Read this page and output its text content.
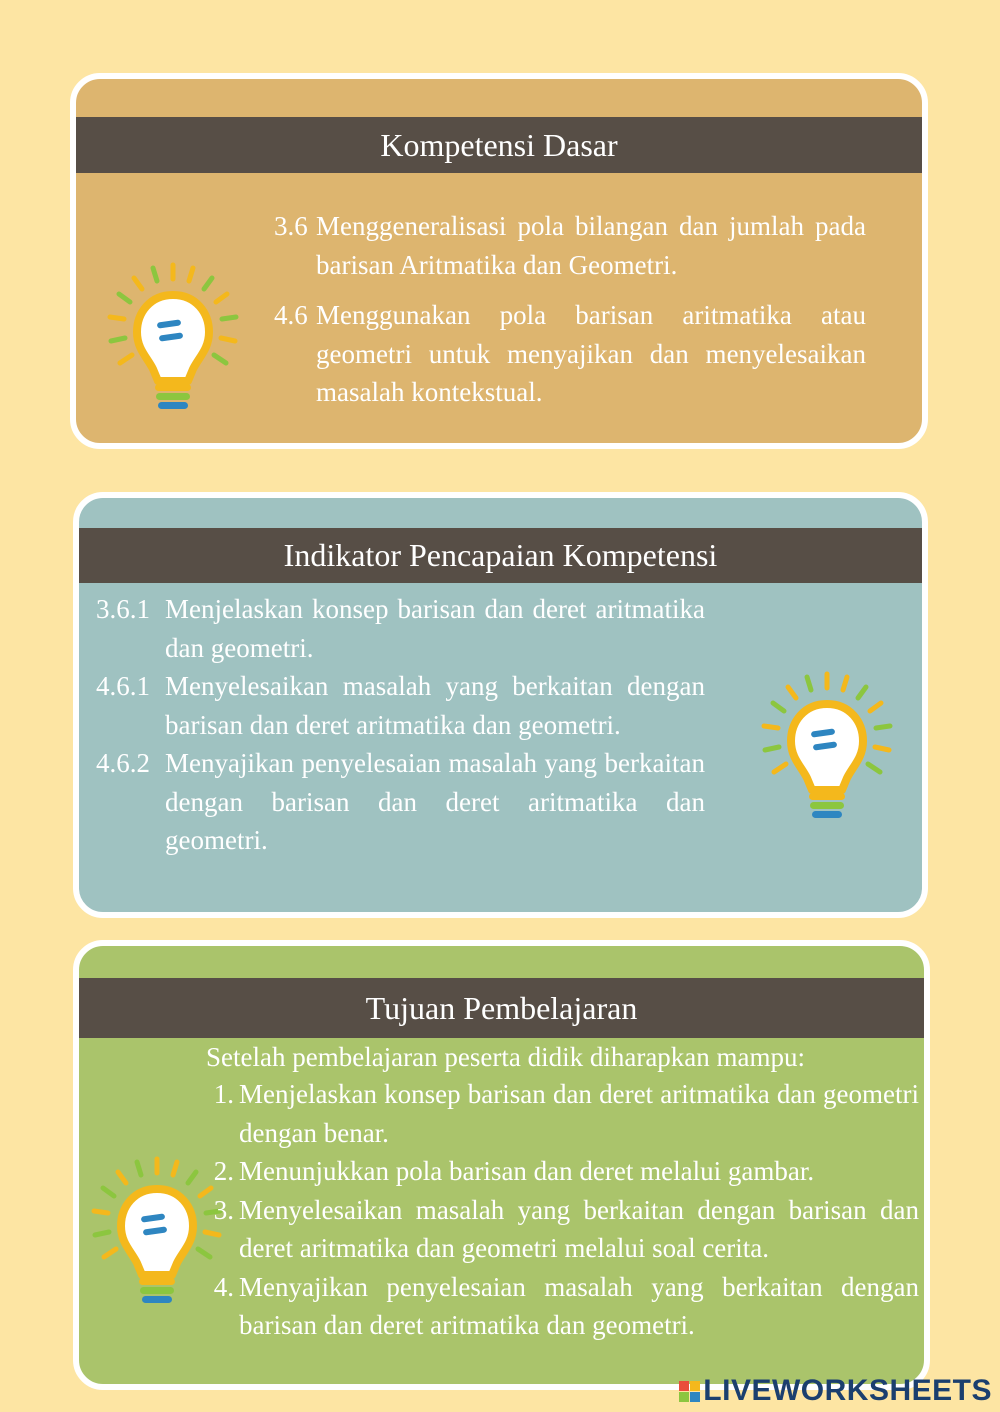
Kompetensi Dasar
3.6 Menggeneralisasi pola bilangan dan jumlah pada barisan Aritmatika dan Geometri.
4.6 Menggunakan pola barisan aritmatika atau geometri untuk menyajikan dan menyelesaikan masalah kontekstual.
Indikator Pencapaian Kompetensi
3.6.1 Menjelaskan konsep barisan dan deret aritmatika dan geometri.
4.6.1 Menyelesaikan masalah yang berkaitan dengan barisan dan deret aritmatika dan geometri.
4.6.2 Menyajikan penyelesaian masalah yang berkaitan dengan barisan dan deret aritmatika dan geometri.
Tujuan Pembelajaran
Setelah pembelajaran peserta didik diharapkan mampu:
1. Menjelaskan konsep barisan dan deret aritmatika dan geometri dengan benar.
2. Menunjukkan pola barisan dan deret melalui gambar.
3. Menyelesaikan masalah yang berkaitan dengan barisan dan deret aritmatika dan geometri melalui soal cerita.
4. Menyajikan penyelesaian masalah yang berkaitan dengan barisan dan deret aritmatika dan geometri.
LIVEWORKSHEETS
